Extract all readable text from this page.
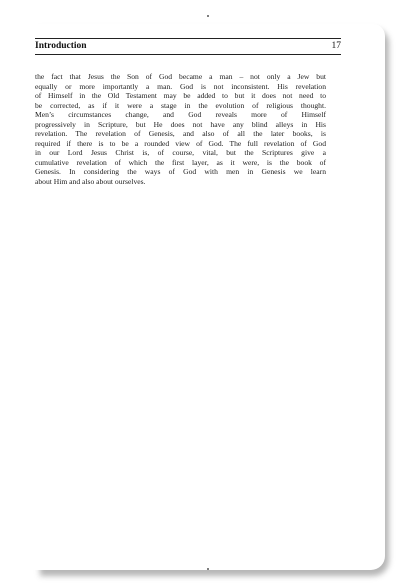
Introduction	17
the fact that Jesus the Son of God became a man – not only a Jew but
equally or more importantly a man. God is not inconsistent. His revelation
of Himself in the Old Testament may be added to but it does not need to
be corrected, as if it were a stage in the evolution of religious thought.
Men’s circumstances change, and God reveals more of Himself
progressively in Scripture, but He does not have any blind alleys in His
revelation. The revelation of Genesis, and also of all the later books, is
required if there is to be a rounded view of God. The full revelation of God
in our Lord Jesus Christ is, of course, vital, but the Scriptures give a
cumulative revelation of which the first layer, as it were, is the book of
Genesis. In considering the ways of God with men in Genesis we learn
about Him and also about ourselves.
